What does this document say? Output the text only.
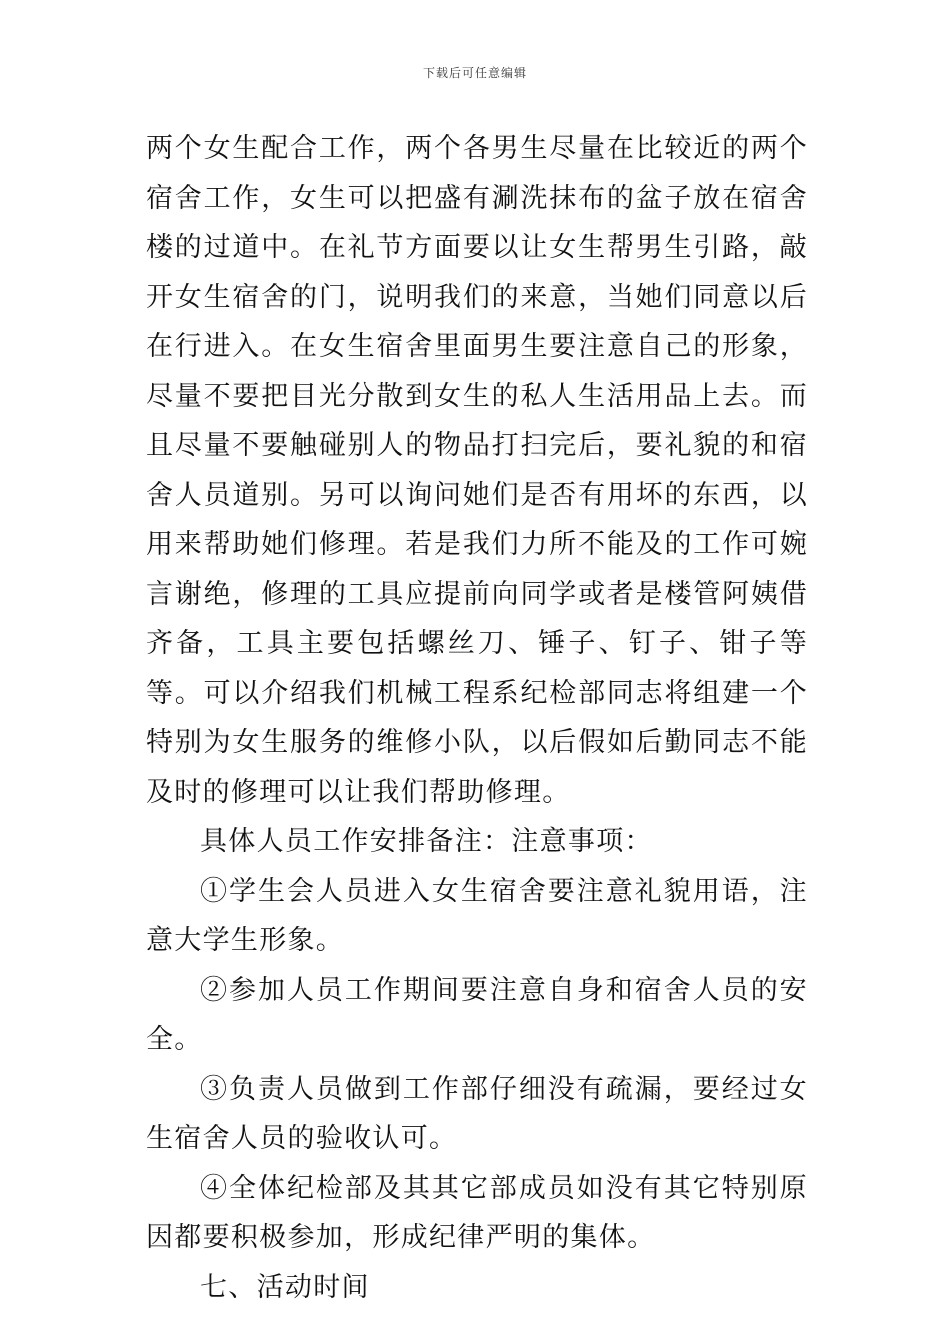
下载后可任意编辑

两个女生配合工作，两个各男生尽量在比较近的两个宿舍工作，女生可以把盛有涮洗抹布的盆子放在宿舍楼的过道中。在礼节方面要以让女生帮男生引路，敲开女生宿舍的门，说明我们的来意，当她们同意以后在行进入。在女生宿舍里面男生要注意自己的形象，尽量不要把目光分散到女生的私人生活用品上去。而且尽量不要触碰别人的物品打扫完后，要礼貌的和宿舍人员道别。另可以询问她们是否有用坏的东西，以用来帮助她们修理。若是我们力所不能及的工作可婉言谢绝，修理的工具应提前向同学或者是楼管阿姨借齐备，工具主要包括螺丝刀、锤子、钉子、钳子等等。可以介绍我们机械工程系纪检部同志将组建一个特别为女生服务的维修小队，以后假如后勤同志不能及时的修理可以让我们帮助修理。

具体人员工作安排备注：注意事项：

①学生会人员进入女生宿舍要注意礼貌用语，注意大学生形象。

②参加人员工作期间要注意自身和宿舍人员的安全。

③负责人员做到工作部仔细没有疏漏，要经过女生宿舍人员的验收认可。

④全体纪检部及其其它部成员如没有其它特别原因都要积极参加，形成纪律严明的集体。

七、活动时间
